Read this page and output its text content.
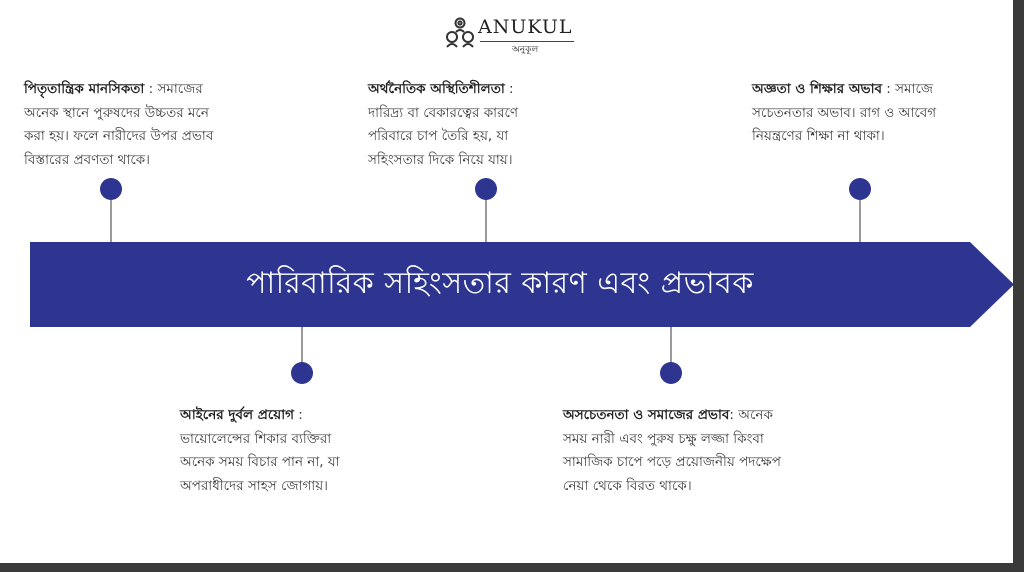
ANUKUL
অনুকূল
পারিবারিক সহিংসতার কারণ এবং প্রভাবক
পিতৃতান্ত্রিক মানসিকতা : সমাজের
অনেক স্থানে পুরুষদের উচ্চতর মনে
করা হয়। ফলে নারীদের উপর প্রভাব
বিস্তারের প্রবণতা থাকে।
অর্থনৈতিক অস্থিতিশীলতা :
দারিদ্র্য বা বেকারত্বের কারণে
পরিবারে চাপ তৈরি হয়, যা
সহিংসতার দিকে নিয়ে যায়।
অজ্ঞতা ও শিক্ষার অভাব : সমাজে
সচেতনতার অভাব। রাগ ও আবেগ
নিয়ন্ত্রণের শিক্ষা না থাকা।
আইনের দুর্বল প্রয়োগ :
ভায়োলেন্সের শিকার ব্যক্তিরা
অনেক সময় বিচার পান না, যা
অপরাধীদের সাহস জোগায়।
অসচেতনতা ও সমাজের প্রভাব: অনেক
সময় নারী এবং পুরুষ চক্ষু লজ্জা কিংবা
সামাজিক চাপে পড়ে প্রয়োজনীয় পদক্ষেপ
নেয়া থেকে বিরত থাকে।
